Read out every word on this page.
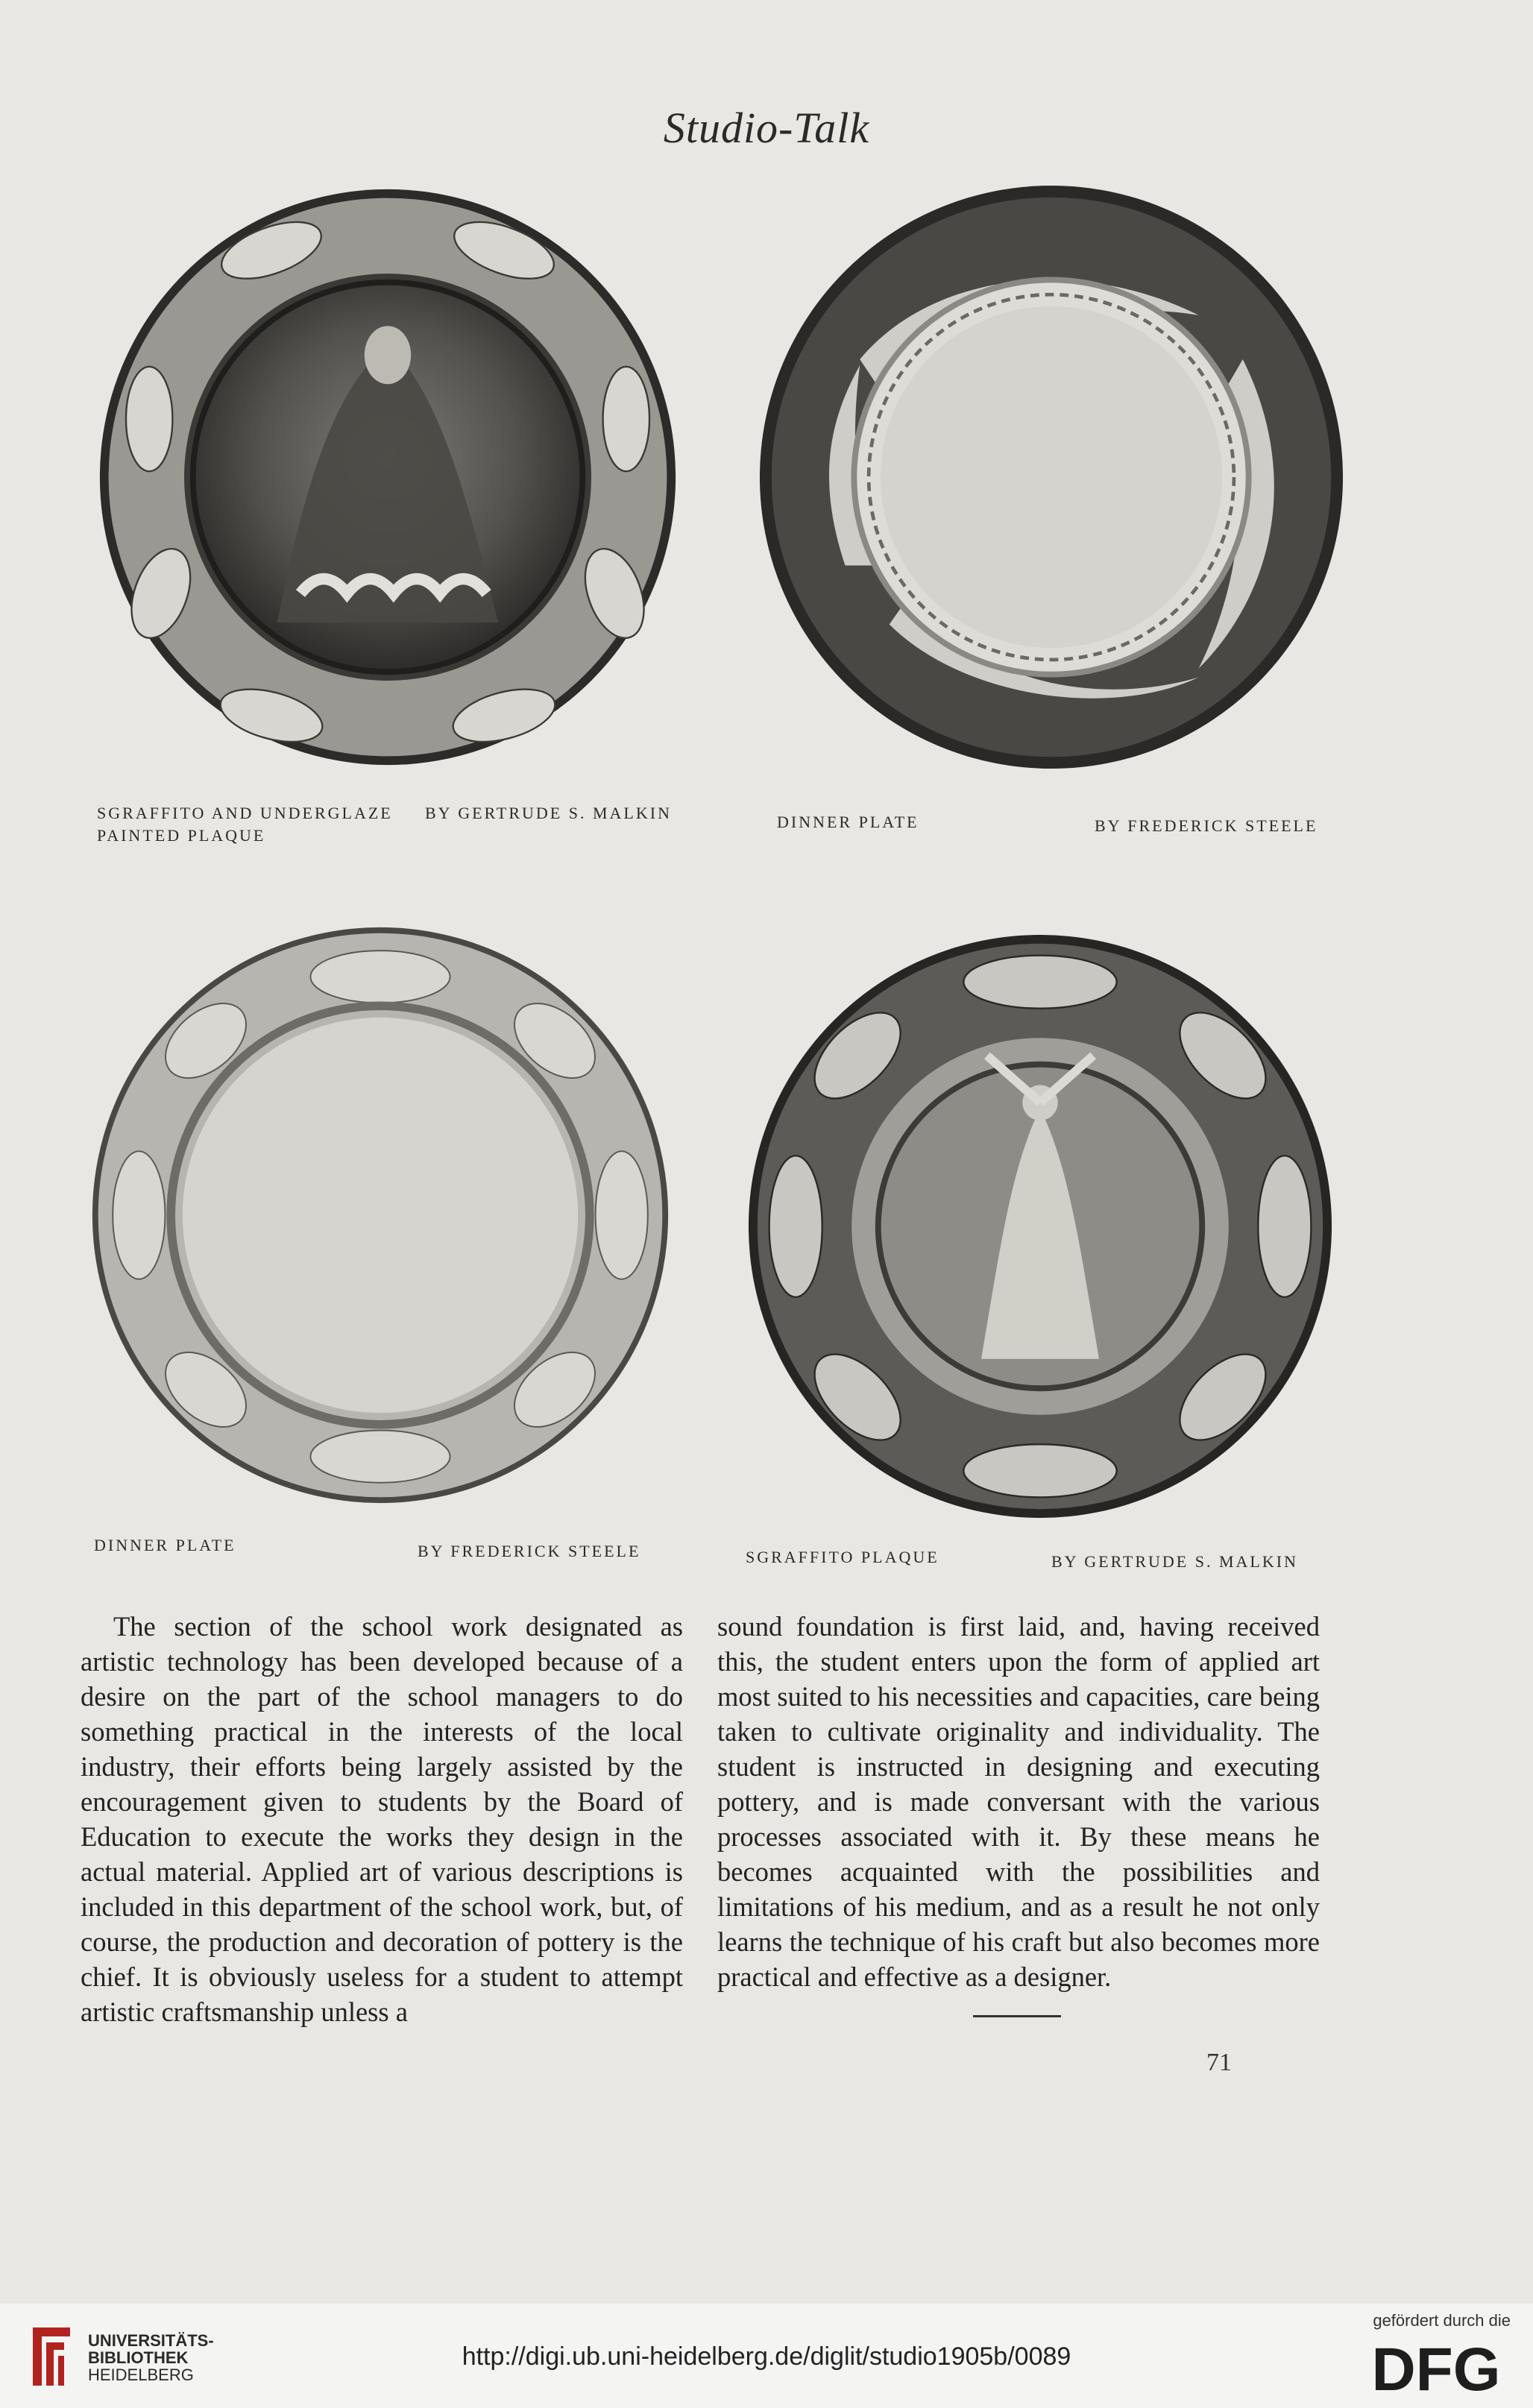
Studio-Talk
SGRAFFITO AND UNDERGLAZE
PAINTED PLAQUE
BY GERTRUDE S. MALKIN	DINNER PLATE	BY FREDERICK STEELE
DINNER PLATE	BY FREDERICK STEELE	SGRAFFITO PLAQUE	BY GERTRUDE S. MALKIN

The section of the school work designated as artistic technology has been developed because of a desire on the part of the school managers to do something practical in the interests of the local industry, their efforts being largely assisted by the encouragement given to students by the Board of Education to execute the works they design in the actual material. Applied art of various descriptions is included in this department of the school work, but, of course, the production and decoration of pottery is the chief. It is obviously useless for a student to attempt artistic craftsmanship unless a

sound foundation is first laid, and, having received this, the student enters upon the form of applied art most suited to his necessities and capacities, care being taken to cultivate originality and individuality. The student is instructed in designing and executing pottery, and is made conversant with the various processes associated with it. By these means he becomes acquainted with the possibilities and limitations of his medium, and as a result he not only learns the technique of his craft but also becomes more practical and effective as a designer.

71
UNIVERSITÄTS-
BIBLIOTHEK
HEIDELBERG
http://digi.ub.uni-heidelberg.de/diglit/studio1905b/0089
gefördert durch die
DFG
